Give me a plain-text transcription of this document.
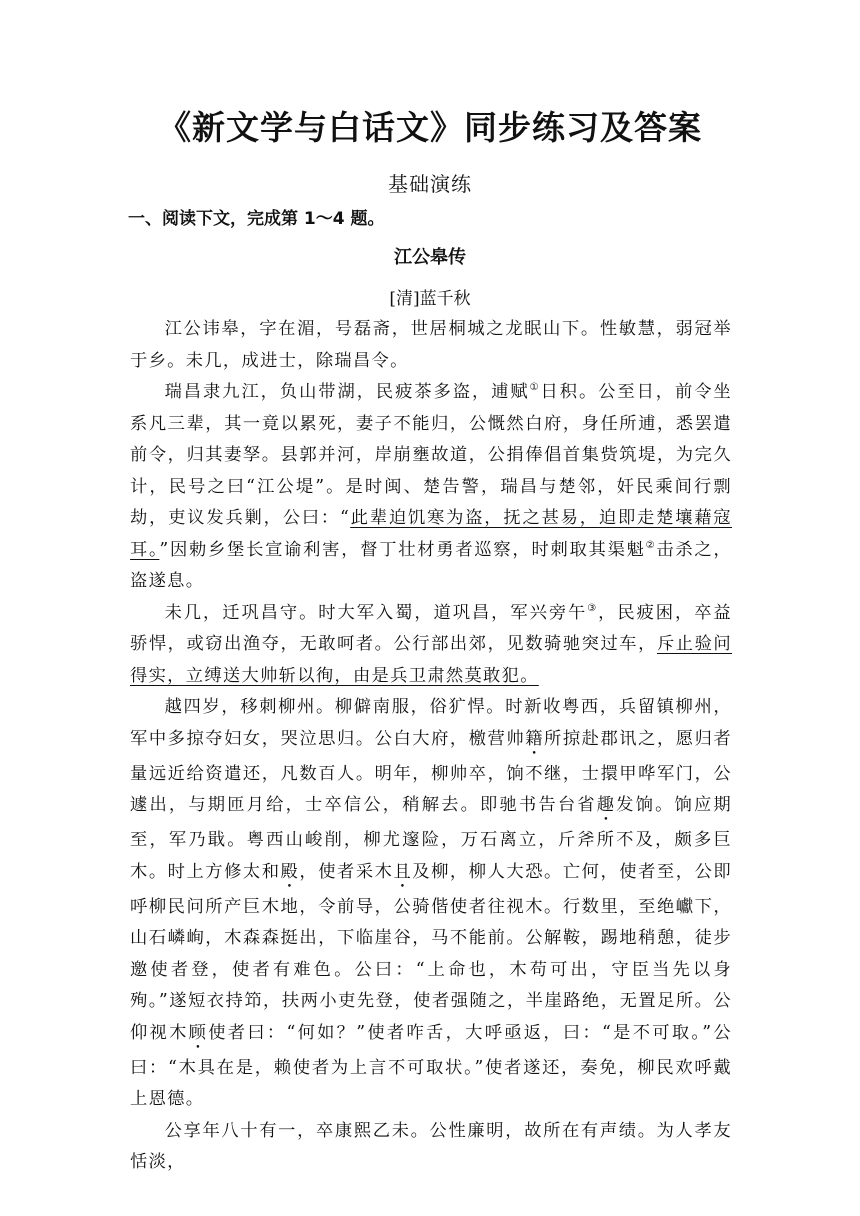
《新文学与白话文》同步练习及答案
基础演练
一、阅读下文，完成第 1～4 题。
江公皋传
[清]蓝千秋

江公讳皋，字在湄，号磊斋，世居桐城之龙眠山下。性敏慧，弱冠举于乡。未几，成进士，除瑞昌令。

瑞昌隶九江，负山带湖，民疲茶多盗，逋赋①日积。公至日，前令坐系凡三辈，其一竟以累死，妻子不能归，公慨然白府，身任所逋，悉罢遣前令，归其妻孥。县郭并河，岸崩壅故道，公捐俸倡首集赀筑堤，为完久计，民号之曰“江公堤”。是时闽、楚告警，瑞昌与楚邻，奸民乘间行剽劫，吏议发兵剿，公曰：“此辈迫饥寒为盗，抚之甚易，迫即走楚壤藉寇耳。”因勅乡堡长宣谕利害，督丁壮材勇者巡察，时刺取其渠魁②击杀之，盗遂息。

未几，迁巩昌守。时大军入蜀，道巩昌，军兴旁午③，民疲困，卒益骄悍，或窃出渔夺，无敢呵者。公行部出郊，见数骑驰突过车，斥止验问得实，立缚送大帅斩以徇，由是兵卫肃然莫敢犯。

越四岁，移刺柳州。柳僻南服，俗犷悍。时新收粤西，兵留镇柳州，军中多掠夺妇女，哭泣思归。公白大府，檄营帅籍所掠赴郡讯之，愿归者量远近给资遣还，凡数百人。明年，柳帅卒，饷不继，士擐甲哗军门，公遽出，与期匝月给，士卒信公，稍解去。即驰书告台省趣发饷。饷应期至，军乃戢。粤西山峻削，柳尤邃险，万石离立，斤斧所不及，颇多巨木。时上方修太和殿，使者采木且及柳，柳人大恐。亡何，使者至，公即呼柳民问所产巨木地，令前导，公骑偕使者往视木。行数里，至绝巘下，山石嶙峋，木森森挺出，下临崖谷，马不能前。公解鞍，踢地稍憩，徒步邀使者登，使者有难色。公曰：“上命也，木苟可出，守臣当先以身殉。”遂短衣持笻，扶两小吏先登，使者强随之，半崖路绝，无置足所。公仰视木顾使者曰：“何如？”使者咋舌，大呼亟返，曰：“是不可取。”公曰：“木具在是，赖使者为上言不可取状。”使者遂还，奏免，柳民欢呼戴上恩德。

公享年八十有一，卒康熙乙未。公性廉明，故所在有声绩。为人孝友恬淡，
